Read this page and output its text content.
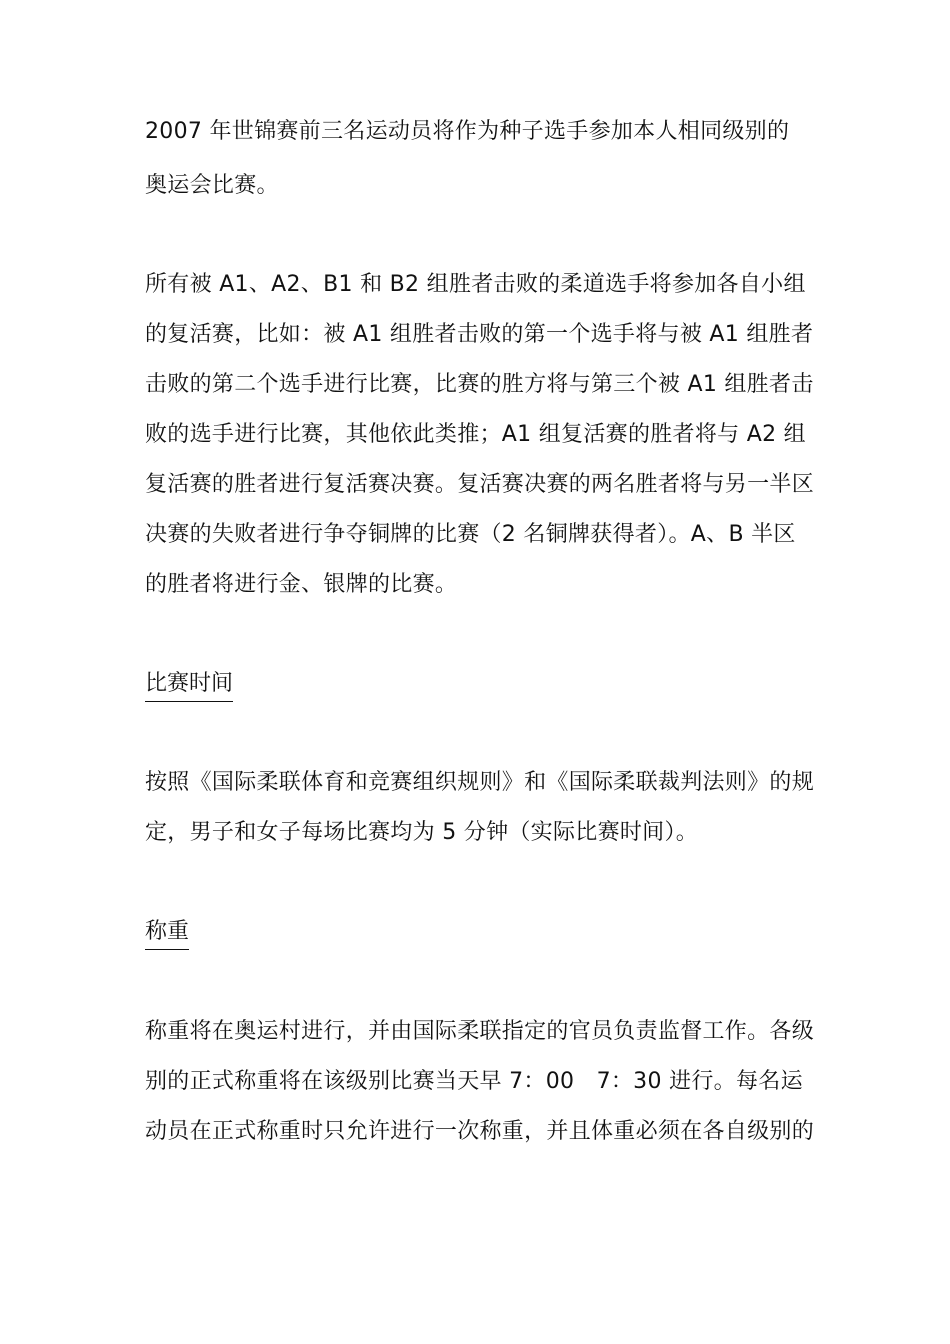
2007 年世锦赛前三名运动员将作为种子选手参加本人相同级别的
奥运会比赛。
所有被 A1、A2、B1 和 B2 组胜者击败的柔道选手将参加各自小组
的复活赛，比如：被 A1 组胜者击败的第一个选手将与被 A1 组胜者
击败的第二个选手进行比赛，比赛的胜方将与第三个被 A1 组胜者击
败的选手进行比赛，其他依此类推；A1 组复活赛的胜者将与 A2 组
复活赛的胜者进行复活赛决赛。复活赛决赛的两名胜者将与另一半区
决赛的失败者进行争夺铜牌的比赛（2 名铜牌获得者）。A、B 半区
的胜者将进行金、银牌的比赛。
比赛时间
按照《国际柔联体育和竞赛组织规则》和《国际柔联裁判法则》的规
定，男子和女子每场比赛均为 5 分钟（实际比赛时间）。
称重
称重将在奥运村进行，并由国际柔联指定的官员负责监督工作。各级
别的正式称重将在该级别比赛当天早 7：00　7：30 进行。每名运
动员在正式称重时只允许进行一次称重，并且体重必须在各自级别的
